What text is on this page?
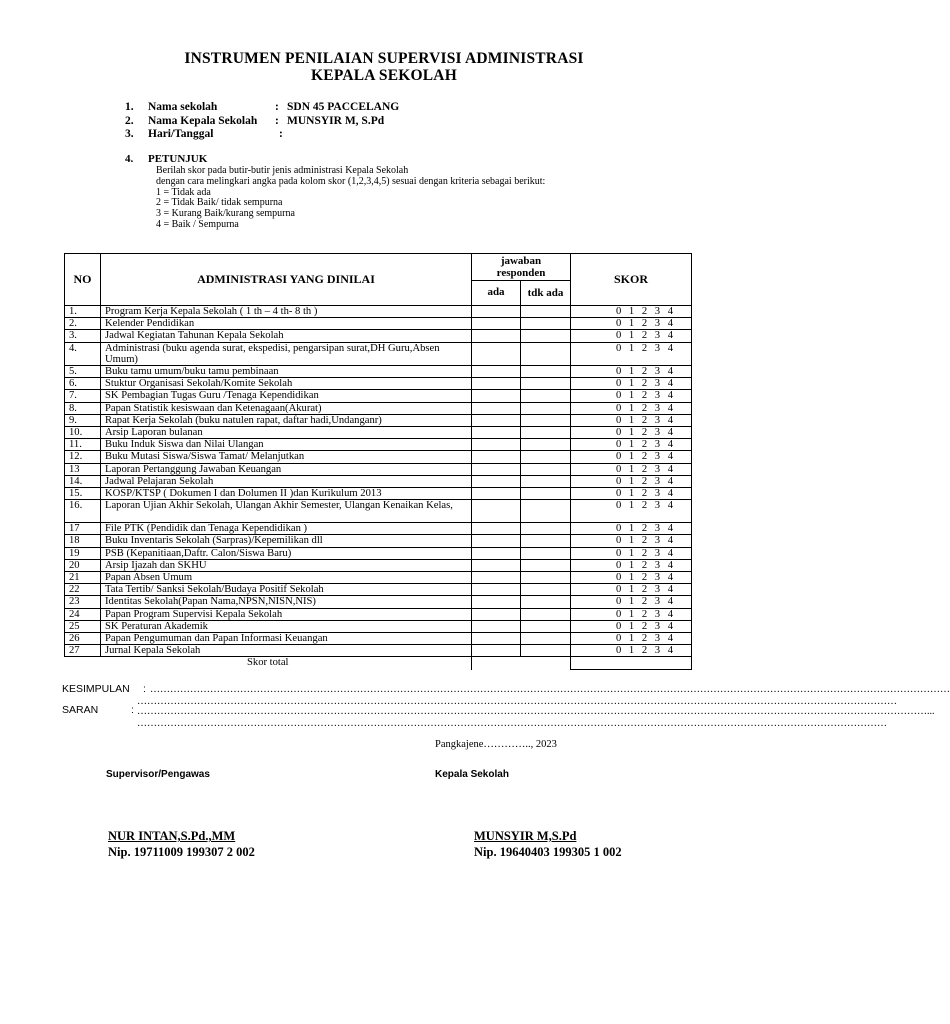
INSTRUMEN PENILAIAN SUPERVISI ADMINISTRASI
KEPALA SEKOLAH
1. Nama sekolah	: SDN 45 PACCELANG
2. Nama Kepala Sekolah : MUNSYIR M, S.Pd
3. Hari/Tanggal	:
4. PETUNJUK
Berilah skor pada butir-butir jenis administrasi Kepala Sekolah
dengan cara melingkari angka pada kolom skor (1,2,3,4,5) sesuai dengan kriteria sebagai berikut:
1 = Tidak ada
2 = Tidak Baik/ tidak sempurna
3 = Kurang Baik/kurang sempurna
4 = Baik / Sempurna
NO	ADMINISTRASI YANG DINILAI	jawaban responden		SKOR
		ada	tdk ada	
1.	Program Kerja Kepala Sekolah ( 1 th – 4 th- 8 th )			0 1 2 3 4
2.	Kelender Pendidikan			0 1 2 3 4
3.	Jadwal Kegiatan Tahunan Kepala Sekolah			0 1 2 3 4
4.	Administrasi (buku agenda surat, ekspedisi, pengarsipan surat,DH Guru,Absen Umum)			0 1 2 3 4
5.	Buku tamu umum/buku tamu pembinaan			0 1 2 3 4
6.	Stuktur Organisasi Sekolah/Komite Sekolah			0 1 2 3 4
7.	SK Pembagian Tugas Guru /Tenaga Kependidikan			0 1 2 3 4
8.	Papan Statistik kesiswaan dan Ketenagaan(Akurat)			0 1 2 3 4
9.	Rapat Kerja Sekolah (buku natulen rapat, daftar hadi,Undanganr)			0 1 2 3 4
10.	Arsip Laporan bulanan			0 1 2 3 4
11.	Buku Induk Siswa dan Nilai Ulangan			0 1 2 3 4
12.	Buku Mutasi Siswa/Siswa Tamat/ Melanjutkan			0 1 2 3 4
13	Laporan Pertanggung Jawaban Keuangan			0 1 2 3 4
14.	Jadwal Pelajaran Sekolah			0 1 2 3 4
15.	KOSP/KTSP ( Dokumen I dan Dolumen II )dan Kurikulum 2013			0 1 2 3 4
16.	Laporan Ujian Akhir Sekolah, Ulangan Akhir Semester, Ulangan Kenaikan Kelas,			0 1 2 3 4
17	File PTK (Pendidik dan Tenaga Kependidikan )			0 1 2 3 4
18	Buku Inventaris Sekolah (Sarpras)/Kepemilikan dll			0 1 2 3 4
19	PSB (Kepanitiaan,Daftr. Calon/Siswa Baru)			0 1 2 3 4
20	Arsip Ijazah dan SKHU			0 1 2 3 4
21	Papan Absen Umum			0 1 2 3 4
22	Tata Tertib/ Sanksi Sekolah/Budaya Positif Sekolah			0 1 2 3 4
23	Identitas Sekolah(Papan Nama,NPSN,NISN,NIS)			0 1 2 3 4
24	Papan Program Supervisi Kepala Sekolah			0 1 2 3 4
25	SK Peraturan Akademik			0 1 2 3 4
26	Papan Pengumuman dan Papan Informasi Keuangan			0 1 2 3 4
27	Jurnal Kepala Sekolah			0 1 2 3 4
Skor total				
KESIMPULAN : ……………………………………………………………………………………………………………………………………………………………………………………………………………………
…………………………………………………………………………………………………………………………………………………………………………………………………………
SARAN	: …………………………………………………………………………………………………………………………………………………………………………………………………………………...
………………………………………………………………………………………………………………………………………………………………………………………………………
Pangkajene………….., 2023
Supervisor/Pengawas	Kepala Sekolah
NUR INTAN,S.Pd.,MM
Nip. 19711009 199307 2 002
MUNSYIR M,S.Pd
Nip. 19640403 199305 1 002
